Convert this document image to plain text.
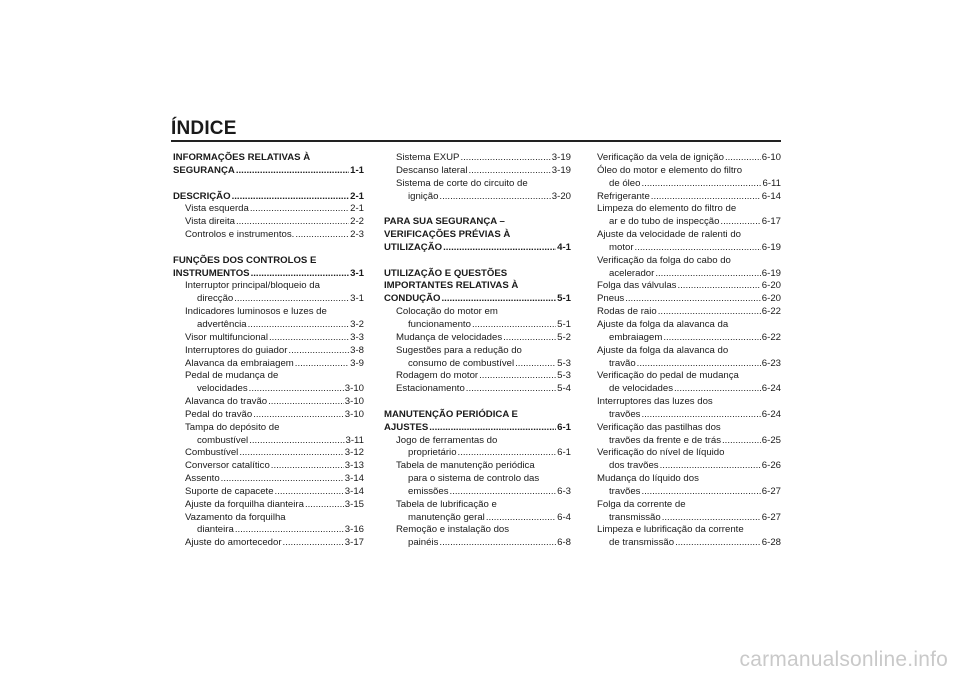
ÍNDICE
INFORMAÇÕES RELATIVAS À
SEGURANÇA .....	1-1
DESCRIÇÃO .....	2-1
Vista esquerda .....	2-1
Vista direita .....	2-2
Controlos e instrumentos. .....	2-3
FUNÇÕES DOS CONTROLOS E
INSTRUMENTOS .....	3-1
Interruptor principal/bloqueio da
direcção .....	3-1
Indicadores luminosos e luzes de
advertência .....	3-2
Visor multifuncional .....	3-3
Interruptores do guiador .....	3-8
Alavanca da embraiagem .....	3-9
Pedal de mudança de
velocidades .....	3-10
Alavanca do travão .....	3-10
Pedal do travão .....	3-10
Tampa do depósito de
combustível .....	3-11
Combustível .....	3-12
Conversor catalítico .....	3-13
Assento .....	3-14
Suporte de capacete .....	3-14
Ajuste da forquilha dianteira .....	3-15
Vazamento da forquilha
dianteira .....	3-16
Ajuste do amortecedor .....	3-17
Sistema EXUP .....	3-19
Descanso lateral .....	3-19
Sistema de corte do circuito de
ignição .....	3-20
PARA SUA SEGURANÇA –
VERIFICAÇÕES PRÉVIAS À
UTILIZAÇÃO .....	4-1
UTILIZAÇÃO E QUESTÕES
IMPORTANTES RELATIVAS À
CONDUÇÃO .....	5-1
Colocação do motor em
funcionamento .....	5-1
Mudança de velocidades .....	5-2
Sugestões para a redução do
consumo de combustível .....	5-3
Rodagem do motor .....	5-3
Estacionamento .....	5-4
MANUTENÇÃO PERIÓDICA E
AJUSTES .....	6-1
Jogo de ferramentas do
proprietário .....	6-1
Tabela de manutenção periódica
para o sistema de controlo das
emissões .....	6-3
Tabela de lubrificação e
manutenção geral .....	6-4
Remoção e instalação dos
painéis .....	6-8
Verificação da vela de ignição .....	6-10
Óleo do motor e elemento do filtro
de óleo .....	6-11
Refrigerante .....	6-14
Limpeza do elemento do filtro de
ar e do tubo de inspecção .....	6-17
Ajuste da velocidade de ralenti do
motor .....	6-19
Verificação da folga do cabo do
acelerador .....	6-19
Folga das válvulas .....	6-20
Pneus .....	6-20
Rodas de raio .....	6-22
Ajuste da folga da alavanca da
embraiagem .....	6-22
Ajuste da folga da alavanca do
travão .....	6-23
Verificação do pedal de mudança
de velocidades .....	6-24
Interruptores das luzes dos
travões .....	6-24
Verificação das pastilhas dos
travões da frente e de trás .....	6-25
Verificação do nível de líquido
dos travões .....	6-26
Mudança do líquido dos
travões .....	6-27
Folga da corrente de
transmissão .....	6-27
Limpeza e lubrificação da corrente
de transmissão .....	6-28
carmanualsonline.info
